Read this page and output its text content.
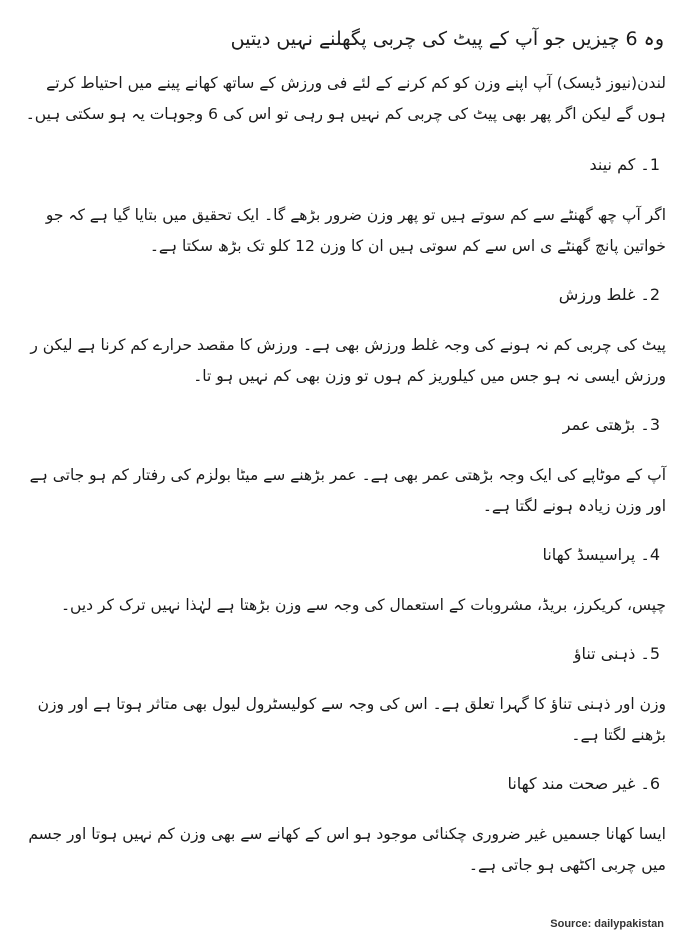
وہ 6 چیزیں جو آپ کے پیٹ کی چربی پگھلنے نہیں دیتیں

لندن(نیوز ڈیسک) آپ اپنے وزن کو کم کرنے کے لئے فی ورزش کے ساتھ کھانے پینے میں احتیاط کرتے ہوں گے لیکن اگر پھر بھی پیٹ کی چربی کم نہیں ہو رہی تو اس کی 6 وجوہات یہ ہو سکتی ہیں۔

1۔ کم نیند

اگر آپ چھ گھنٹے سے کم سوتے ہیں تو پھر وزن ضرور بڑھے گا۔ ایک تحقیق میں بتایا گیا ہے کہ جو خواتین پانچ گھنٹے ی اس سے کم سوتی ہیں ان کا وزن 12 کلو تک بڑھ سکتا ہے۔

2۔ غلط ورزش

پیٹ کی چربی کم نہ ہونے کی وجہ غلط ورزش بھی ہے۔ ورزش کا مقصد حرارے کم کرنا ہے لیکن ر ورزش ایسی نہ ہو جس میں کیلوریز کم ہوں تو وزن بھی کم نہیں ہو تا۔

3۔ بڑھتی عمر

آپ کے موٹاپے کی ایک وجہ بڑھتی عمر بھی ہے۔ عمر بڑھنے سے میٹا بولزم کی رفتار کم ہو جاتی ہے اور وزن زیادہ ہونے لگتا ہے۔

4۔ پراسیسڈ کھانا

چپس، کریکرز، بریڈ، مشروبات کے استعمال کی وجہ سے وزن بڑھتا ہے لہٰذا نہیں ترک کر دیں۔

5۔ ذہنی تناؤ

وزن اور ذہنی تناؤ کا گہرا تعلق ہے۔ اس کی وجہ سے کولیسٹرول لیول بھی متاثر ہوتا ہے اور وزن بڑھنے لگتا ہے۔

6۔ غیر صحت مند کھانا

ایسا کھانا جسمیں غیر ضروری چکنائی موجود ہو اس کے کھانے سے بھی وزن کم نہیں ہوتا اور جسم میں چربی اکٹھی ہو جاتی ہے۔

Source: dailypakistan
